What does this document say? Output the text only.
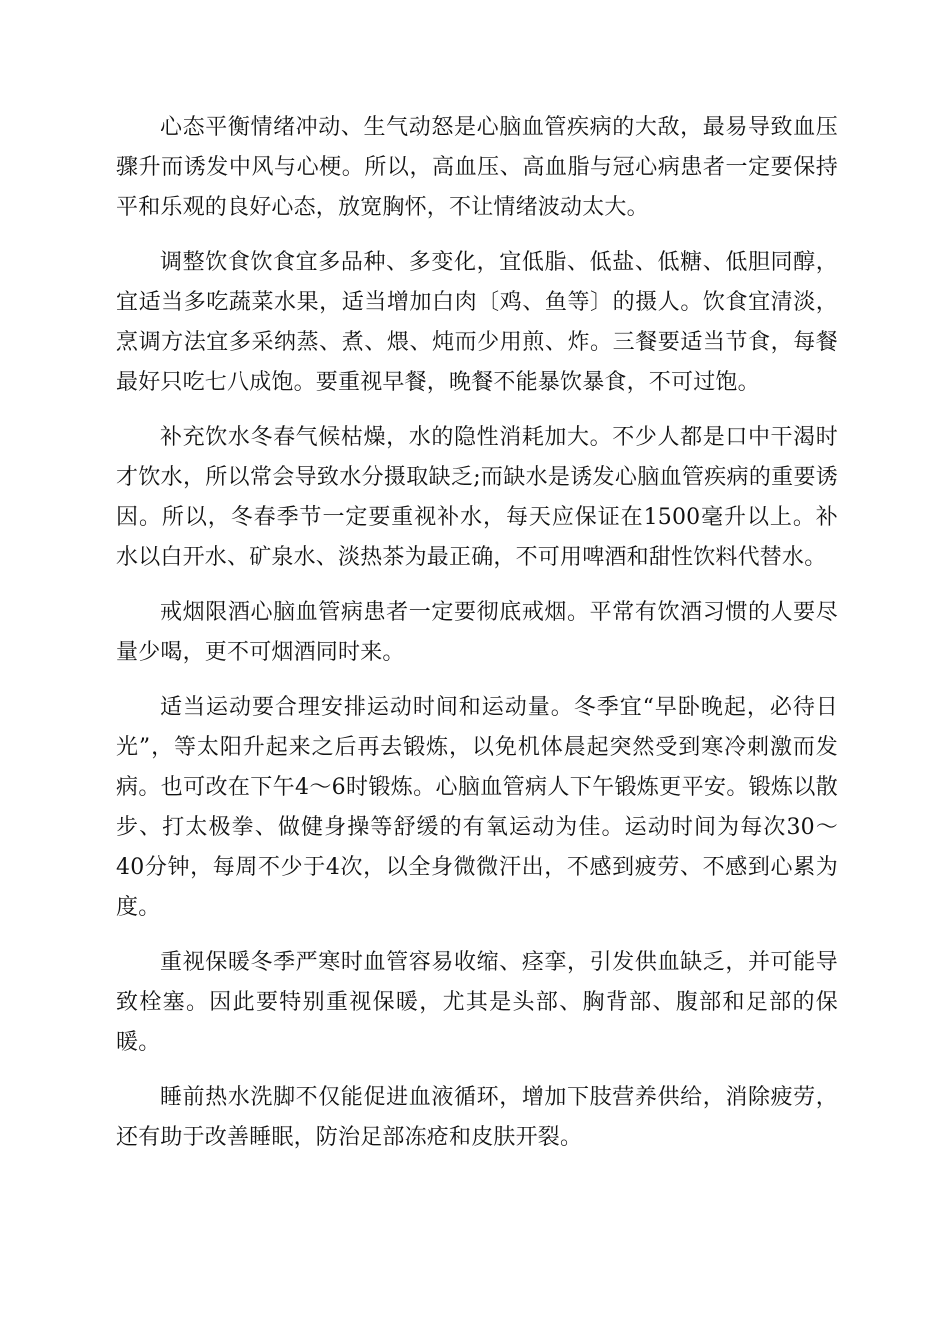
心态平衡情绪冲动、生气动怒是心脑血管疾病的大敌，最易导致血压骤升而诱发中风与心梗。所以，高血压、高血脂与冠心病患者一定要保持平和乐观的良好心态，放宽胸怀，不让情绪波动太大。

调整饮食饮食宜多品种、多变化，宜低脂、低盐、低糖、低胆同醇，宜适当多吃蔬菜水果，适当增加白肉〔鸡、鱼等〕的摄人。饮食宜清淡，烹调方法宜多采纳蒸、煮、煨、炖而少用煎、炸。三餐要适当节食，每餐最好只吃七八成饱。要重视早餐，晚餐不能暴饮暴食，不可过饱。

补充饮水冬春气候枯燥，水的隐性消耗加大。不少人都是口中干渴时才饮水，所以常会导致水分摄取缺乏;而缺水是诱发心脑血管疾病的重要诱因。所以，冬春季节一定要重视补水，每天应保证在1500毫升以上。补水以白开水、矿泉水、淡热茶为最正确，不可用啤酒和甜性饮料代替水。

戒烟限酒心脑血管病患者一定要彻底戒烟。平常有饮酒习惯的人要尽量少喝，更不可烟酒同时来。

适当运动要合理安排运动时间和运动量。冬季宜“早卧晚起，必待日光”，等太阳升起来之后再去锻炼，以免机体晨起突然受到寒冷刺激而发病。也可改在下午4～6时锻炼。心脑血管病人下午锻炼更平安。锻炼以散步、打太极拳、做健身操等舒缓的有氧运动为佳。运动时间为每次30～40分钟，每周不少于4次，以全身微微汗出，不感到疲劳、不感到心累为度。

重视保暖冬季严寒时血管容易收缩、痉挛，引发供血缺乏，并可能导致栓塞。因此要特别重视保暖，尤其是头部、胸背部、腹部和足部的保暖。

睡前热水洗脚不仅能促进血液循环，增加下肢营养供给，消除疲劳，还有助于改善睡眠，防治足部冻疮和皮肤开裂。
